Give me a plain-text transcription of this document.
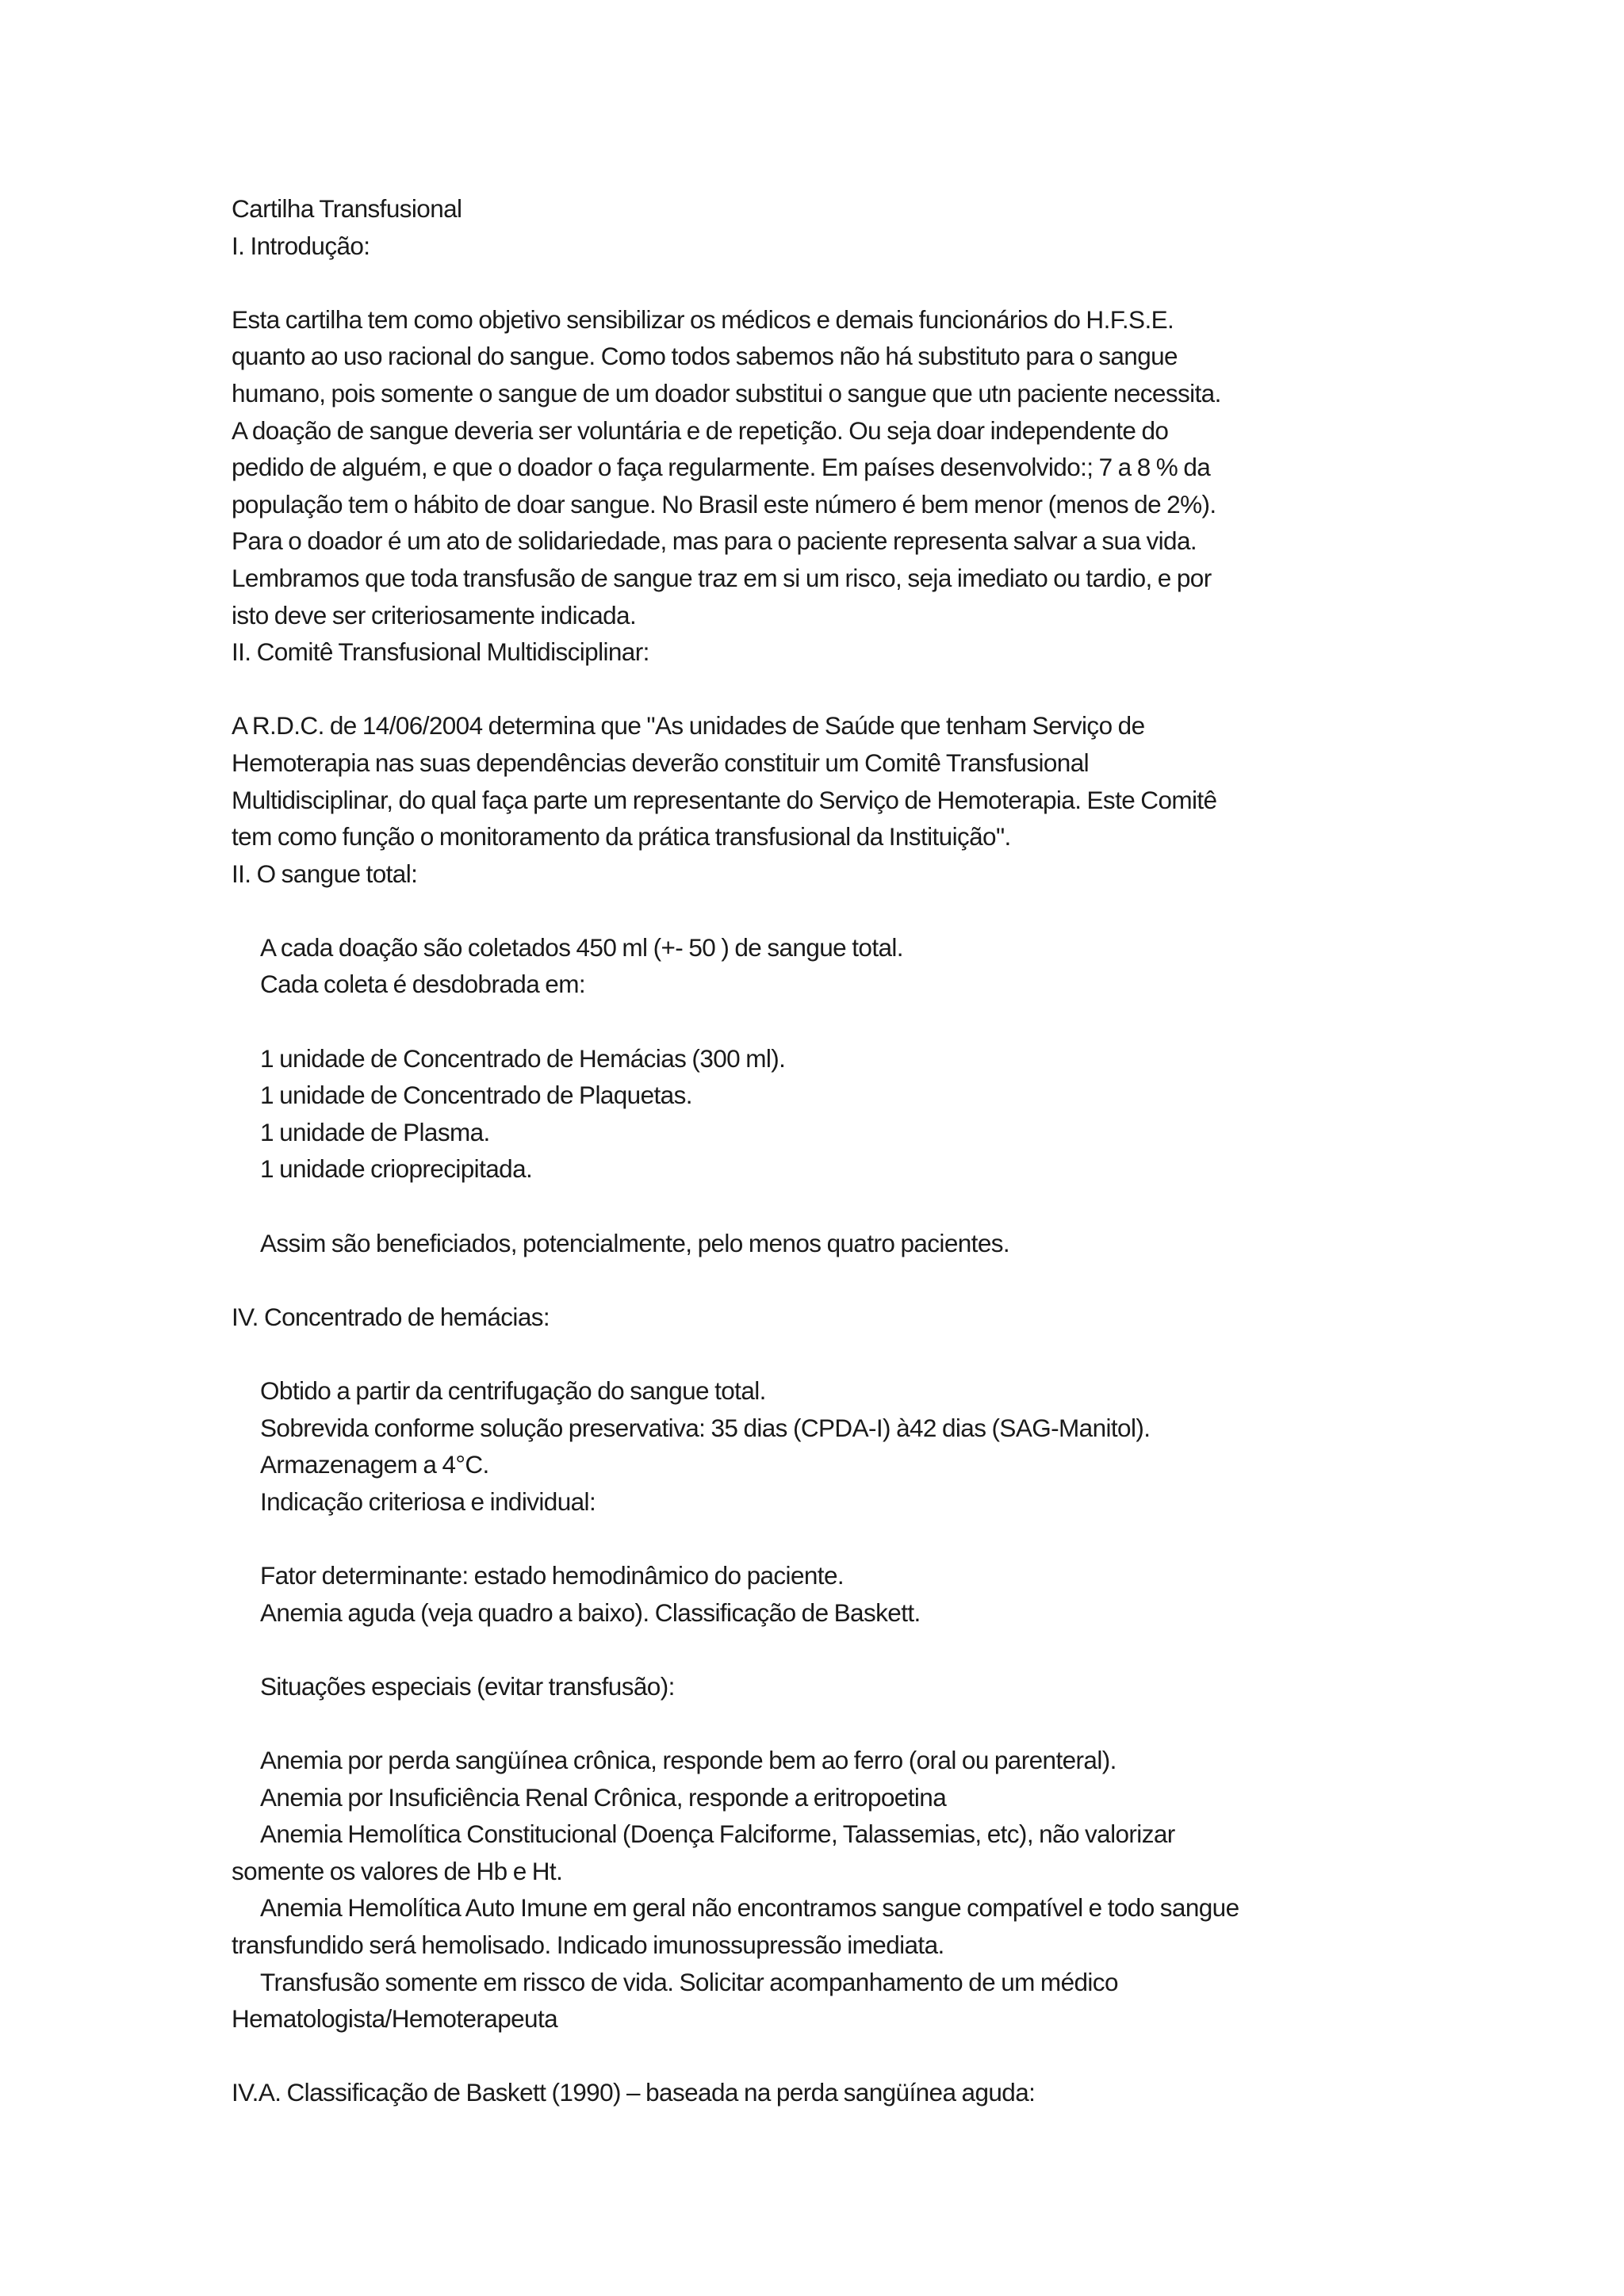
Cartilha Transfusional
I. Introdução:
Esta cartilha tem como objetivo sensibilizar os médicos e demais funcionários do H.F.S.E.
quanto ao uso racional do sangue. Como todos sabemos não há substituto para o sangue
humano, pois somente o sangue de um doador substitui o sangue que utn paciente necessita.
A doação de sangue deveria ser voluntária e de repetição. Ou seja doar independente do
pedido de alguém, e que o doador o faça regularmente. Em países desenvolvido:; 7 a 8 % da
população tem o hábito de doar sangue. No Brasil este número é bem menor (menos de 2%).
Para o doador é um ato de solidariedade, mas para o paciente representa salvar a sua vida.
Lembramos que toda transfusão de sangue traz em si um risco, seja imediato ou tardio, e por
isto deve ser criteriosamente indicada.
II. Comitê Transfusional Multidisciplinar:
A R.D.C. de 14/06/2004 determina que "As unidades de Saúde que tenham Serviço de
Hemoterapia nas suas dependências deverão constituir um Comitê Transfusional
Multidisciplinar, do qual faça parte um representante do Serviço de Hemoterapia. Este Comitê
tem como função o monitoramento da prática transfusional da Instituição".
II. O sangue total:
A cada doação são coletados 450 ml (+- 50 ) de sangue total.
Cada coleta é desdobrada em:
1 unidade de Concentrado de Hemácias (300 ml).
1 unidade de Concentrado de Plaquetas.
1 unidade de Plasma.
1 unidade crioprecipitada.
Assim são beneficiados, potencialmente, pelo menos quatro pacientes.
IV. Concentrado de hemácias:
Obtido a partir da centrifugação do sangue total.
Sobrevida conforme solução preservativa: 35 dias (CPDA-I) à42 dias (SAG-Manitol).
Armazenagem a 4°C.
Indicação criteriosa e individual:
Fator determinante: estado hemodinâmico do paciente.
Anemia aguda (veja quadro a baixo). Classificação de Baskett.
Situações especiais (evitar transfusão):
Anemia por perda sangüínea crônica, responde bem ao ferro (oral ou parenteral).
Anemia por Insuficiência Renal Crônica, responde a eritropoetina
Anemia Hemolítica Constitucional (Doença Falciforme, Talassemias, etc), não valorizar
somente os valores de Hb e Ht.
Anemia Hemolítica Auto Imune em geral não encontramos sangue compatível e todo sangue
transfundido será hemolisado. Indicado imunossupressão imediata.
Transfusão somente em rissco de vida. Solicitar acompanhamento de um médico
Hematologista/Hemoterapeuta
IV.A. Classificação de Baskett (1990) – baseada na perda sangüínea aguda:
